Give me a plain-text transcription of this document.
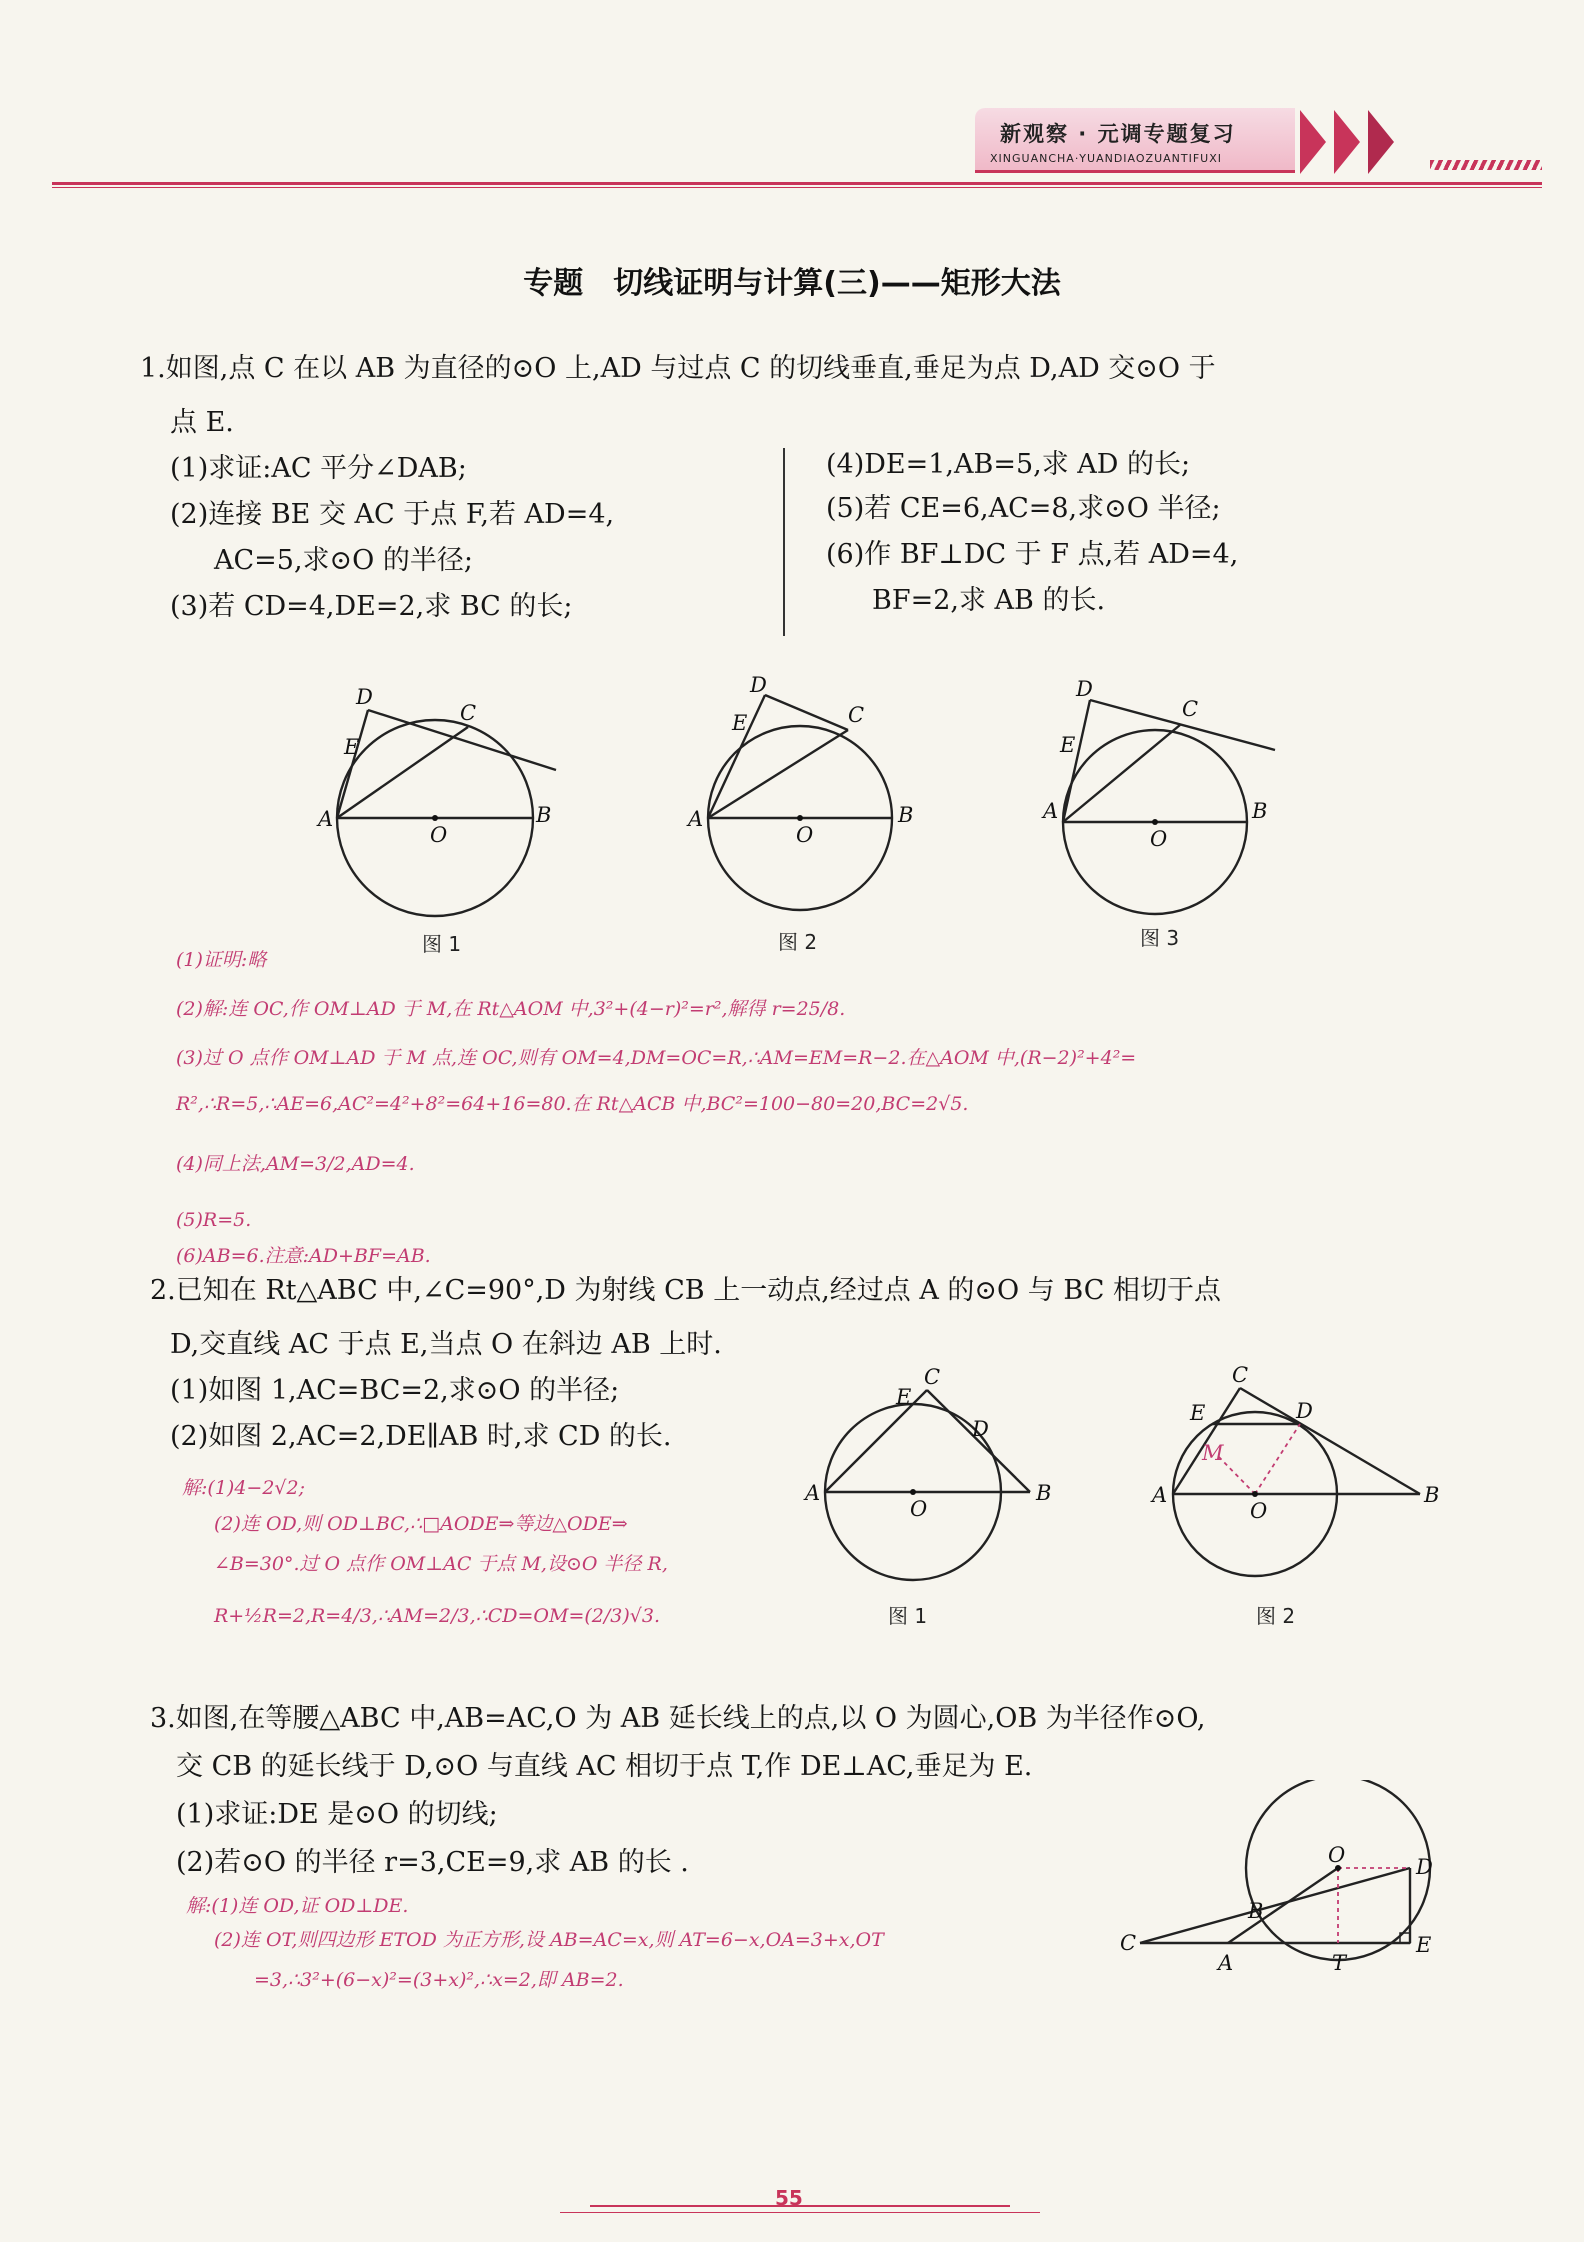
新观察 · 元调专题复习
XINGUANCHA·YUANDIAOZUANTIFUXI
专题　切线证明与计算(三)——矩形大法
1.如图,点 C 在以 AB 为直径的⊙O 上,AD 与过点 C 的切线垂直,垂足为点 D,AD 交⊙O 于
点 E.
(1)求证:AC 平分∠DAB;
(2)连接 BE 交 AC 于点 F,若 AD=4,
AC=5,求⊙O 的半径;
(3)若 CD=4,DE=2,求 BC 的长;
(4)DE=1,AB=5,求 AD 的长;
(5)若 CE=6,AC=8,求⊙O 半径;
(6)作 BF⊥DC 于 F 点,若 AD=4,
BF=2,求 AB 的长.
D
E
C
A
O
B
D
E	C
A
O
B
D
E
C
A
O
B
图 1	图 2	图 3
(1)证明:略
(2)解:连 OC,作 OM⊥AD 于 M,在 Rt△AOM 中,3²+(4−r)²=r²,解得 r=25/8.
(3)过 O 点作 OM⊥AD 于 M 点,连 OC,则有 OM=4,DM=OC=R,∴AM=EM=R−2.在△AOM 中,(R−2)²+4²=
R²,∴R=5,∴AE=6,AC²=4²+8²=64+16=80.在 Rt△ACB 中,BC²=100−80=20,BC=2√5.
(4)同上法,AM=3/2,AD=4.
(5)R=5.
(6)AB=6.注意:AD+BF=AB.
2.已知在 Rt△ABC 中,∠C=90°,D 为射线 CB 上一动点,经过点 A 的⊙O 与 BC 相切于点
D,交直线 AC 于点 E,当点 O 在斜边 AB 上时.
(1)如图 1,AC=BC=2,求⊙O 的半径;
(2)如图 2,AC=2,DE∥AB 时,求 CD 的长.
解:(1)4−2√2;
(2)连 OD,则 OD⊥BC,∴□AODE⇒等边△ODE⇒
∠B=30°.过 O 点作 OM⊥AC 于点 M,设⊙O 半径 R,
R+½R=2,R=4/3,∴AM=2/3,∴CD=OM=(2/3)√3.
E
C
D
A
O
B
E
C
D
A
O
B
M
图 1	图 2
3.如图,在等腰△ABC 中,AB=AC,O 为 AB 延长线上的点,以 O 为圆心,OB 为半径作⊙O,
交 CB 的延长线于 D,⊙O 与直线 AC 相切于点 T,作 DE⊥AC,垂足为 E.
(1)求证:DE 是⊙O 的切线;
(2)若⊙O 的半径 r=3,CE=9,求 AB 的长 .
解:(1)连 OD,证 OD⊥DE.
(2)连 OT,则四边形 ETOD 为正方形,设 AB=AC=x,则 AT=6−x,OA=3+x,OT
=3,∴3²+(6−x)²=(3+x)²,∴x=2,即 AB=2.
O	D
B
C
A	T
E
55
